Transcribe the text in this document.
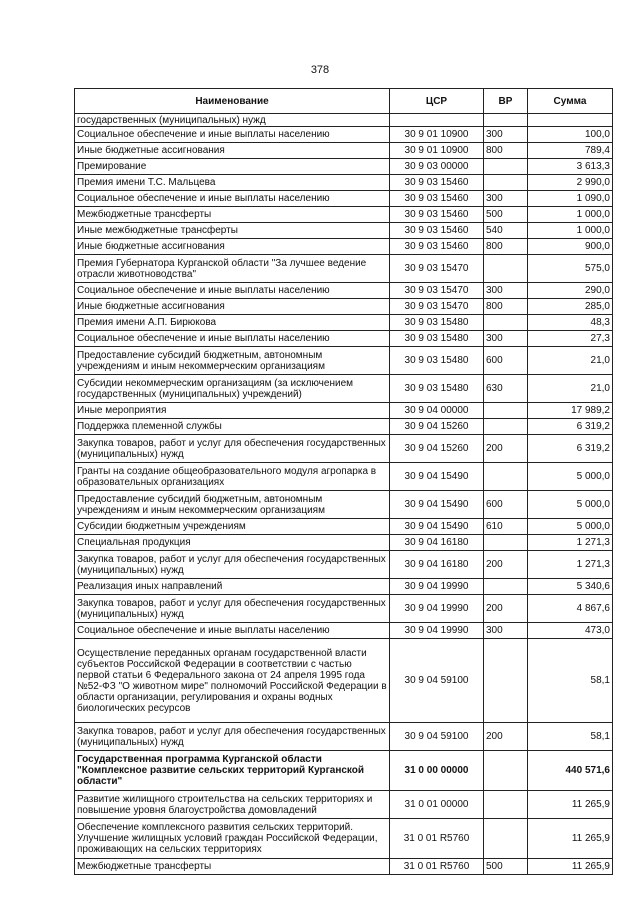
378
Наименование	ЦСР	ВР	Сумма
государственных (муниципальных) нужд			
Социальное обеспечение и иные выплаты населению	30 9 01 10900	300	100,0
Иные бюджетные ассигнования	30 9 01 10900	800	789,4
Премирование	30 9 03 00000		3 613,3
Премия имени Т.С. Мальцева	30 9 03 15460		2 990,0
Социальное обеспечение и иные выплаты населению	30 9 03 15460	300	1 090,0
Межбюджетные трансферты	30 9 03 15460	500	1 000,0
Иные межбюджетные трансферты	30 9 03 15460	540	1 000,0
Иные бюджетные ассигнования	30 9 03 15460	800	900,0
Премия Губернатора Курганской области "За лучшее ведение отрасли животноводства"	30 9 03 15470		575,0
Социальное обеспечение и иные выплаты населению	30 9 03 15470	300	290,0
Иные бюджетные ассигнования	30 9 03 15470	800	285,0
Премия имени А.П. Бирюкова	30 9 03 15480		48,3
Социальное обеспечение и иные выплаты населению	30 9 03 15480	300	27,3
Предоставление субсидий бюджетным, автономным учреждениям и иным некоммерческим организациям	30 9 03 15480	600	21,0
Субсидии некоммерческим организациям (за исключением государственных (муниципальных) учреждений)	30 9 03 15480	630	21,0
Иные мероприятия	30 9 04 00000		17 989,2
Поддержка племенной службы	30 9 04 15260		6 319,2
Закупка товаров, работ и услуг для обеспечения государственных (муниципальных) нужд	30 9 04 15260	200	6 319,2
Гранты на создание общеобразовательного модуля агропарка в образовательных организациях	30 9 04 15490		5 000,0
Предоставление субсидий бюджетным, автономным учреждениям и иным некоммерческим организациям	30 9 04 15490	600	5 000,0
Субсидии бюджетным учреждениям	30 9 04 15490	610	5 000,0
Специальная продукция	30 9 04 16180		1 271,3
Закупка товаров, работ и услуг для обеспечения государственных (муниципальных) нужд	30 9 04 16180	200	1 271,3
Реализация иных направлений	30 9 04 19990		5 340,6
Закупка товаров, работ и услуг для обеспечения государственных (муниципальных) нужд	30 9 04 19990	200	4 867,6
Социальное обеспечение и иные выплаты населению	30 9 04 19990	300	473,0
Осуществление переданных органам государственной власти субъектов Российской Федерации в соответствии с частью первой статьи 6 Федерального закона от 24 апреля 1995 года №52-ФЗ "О животном мире" полномочий Российской Федерации в области организации, регулирования и охраны водных биологических ресурсов	30 9 04 59100		58,1
Закупка товаров, работ и услуг для обеспечения государственных (муниципальных) нужд	30 9 04 59100	200	58,1
Государственная программа Курганской области "Комплексное развитие сельских территорий Курганской области"	31 0 00 00000		440 571,6
Развитие жилищного строительства на сельских территориях и повышение уровня благоустройства домовладений	31 0 01 00000		11 265,9
Обеспечение комплексного развития сельских территорий. Улучшение жилищных условий граждан Российской Федерации, проживающих на сельских территориях	31 0 01 R5760		11 265,9
Межбюджетные трансферты	31 0 01 R5760	500	11 265,9
